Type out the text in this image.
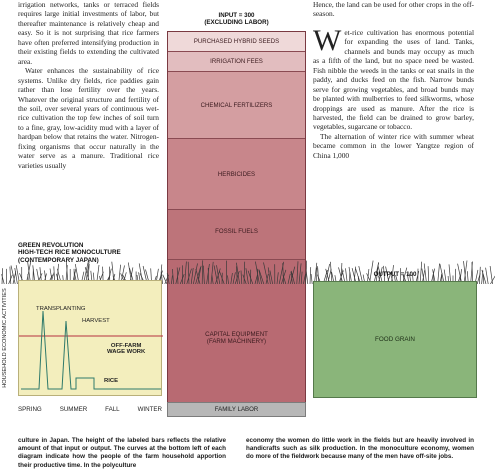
irrigation networks, tanks or terraced fields requires large initial investments of labor, but thereafter maintenance is relatively cheap and easy. So it is not surprising that rice farmers have often preferred intensifying production in their existing fields to extending the cultivated area.

Water enhances the sustainability of rice systems. Unlike dry fields, rice paddies gain rather than lose fertility over the years. Whatever the original structure and fertility of the soil, over several years of continuous wet-rice cultivation the top few inches of soil turn to a fine, gray, low-acidity mud with a layer of hardpan below that retains the water. Nitrogen-fixing organisms that occur naturally in the water serve as a manure. Traditional rice varieties usually

Hence, the land can be used for other crops in the off-season.

Wet-rice cultivation has enormous potential for expanding the uses of land. Tanks, channels and bunds may occupy as much as a fifth of the land, but no space need be wasted. Fish nibble the weeds in the tanks or eat snails in the paddy, and ducks feed on the fish. Narrow bunds serve for growing vegetables, and broad bunds may be planted with mulberries to feed silkworms, whose droppings are used as manure. After the rice is harvested, the field can be drained to grow barley, vegetables, sugarcane or tobacco.

The alternation of winter rice with summer wheat became common in the lower Yangtze region of China 1,000

GREEN REVOLUTION
HIGH-TECH RICE MONOCULTURE
(CONTEMPORARY JAPAN)
INPUT = 300
(EXCLUDING LABOR)
PURCHASED HYBRID SEEDS
IRRIGATION FEES
CHEMICAL FERTILIZERS
HERBICIDES
FOSSIL FUELS
CAPITAL EQUIPMENT
(FARM MACHINERY)
OUTPUT = 100
FOOD GRAIN
HOUSEHOLD ECONOMIC ACTIVITIES	TRANSPLANTING
HARVEST
OFF-FARM
WAGE WORK
RICE
SPRING	SUMMER	FALL	WINTER	FAMILY LABOR
culture in Japan. The height of the labeled bars reflects the relative amount of that input or output. The curves at the bottom left of each diagram indicate how the people of the farm household apportion their productive time. In the polyculture
economy the women do little work in the fields but are heavily involved in handicrafts such as silk production. In the monoculture economy, women do more of the fieldwork because many of the men have off-site jobs.
